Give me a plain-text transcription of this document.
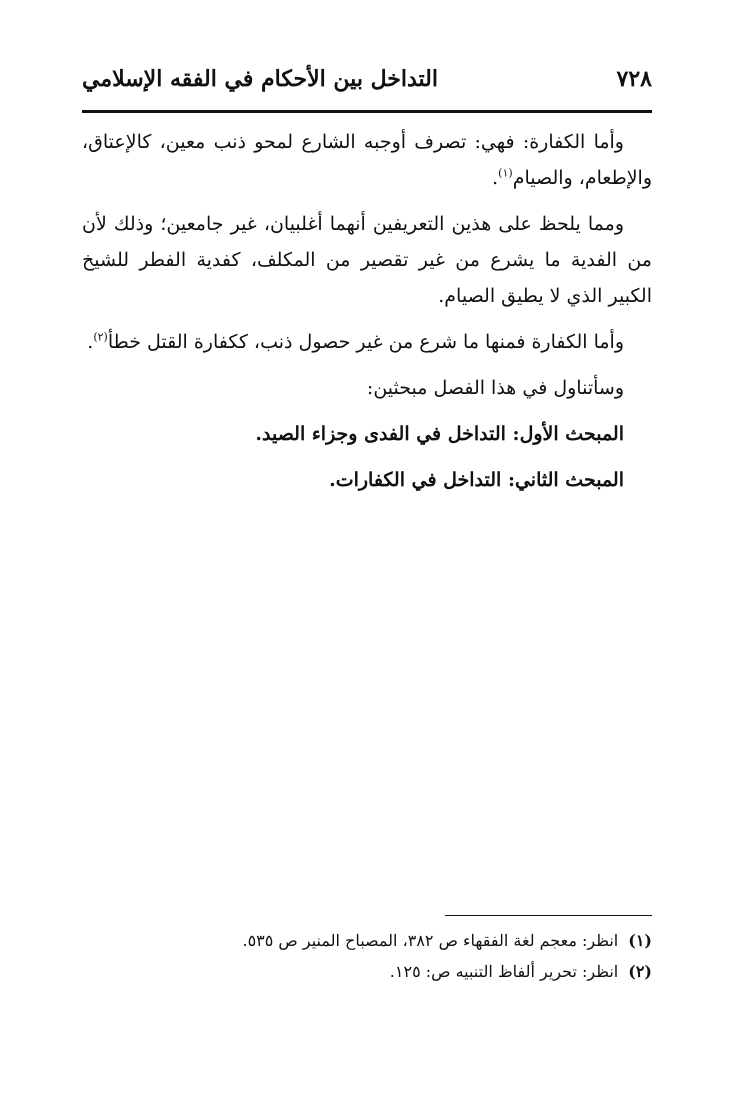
٧٢٨
التداخل بين الأحكام في الفقه الإسلامي

وأما الكفارة: فهي: تصرف أوجبه الشارع لمحو ذنب معين، كالإعتاق، والإطعام، والصيام$^{(١)}$.

ومما يلحظ على هذين التعريفين أنهما أغلبيان، غير جامعين؛ وذلك لأن من الفدية ما يشرع من غير تقصير من المكلف، كفدية الفطر للشيخ الكبير الذي لا يطيق الصيام.

وأما الكفارة فمنها ما شرع من غير حصول ذنب، ككفارة القتل خطأ$^{(٢)}$.

وسأتناول في هذا الفصل مبحثين:

المبحث الأول: التداخل في الفدى وجزاء الصيد.

المبحث الثاني: التداخل في الكفارات.

(١)انظر: معجم لغة الفقهاء ص ٣٨٢، المصباح المنير ص ٥٣٥.
(٢)انظر: تحرير ألفاظ التنبيه ص: ١٢٥.
